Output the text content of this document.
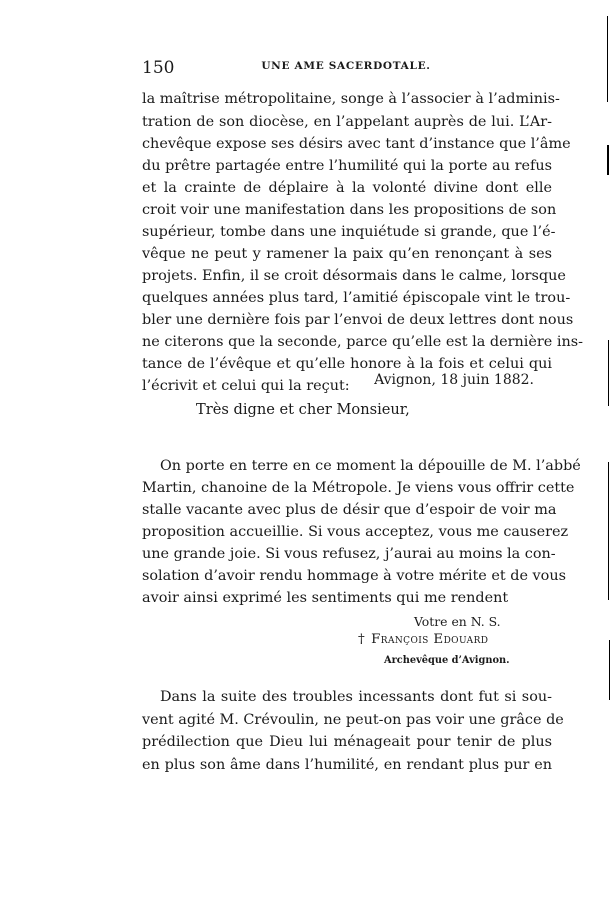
150	UNE AME SACERDOTALE.
la maîtrise métropolitaine, songe à l’associer à l’adminis-
tration de son diocèse, en l’appelant auprès de lui. L’Ar-
chevêque expose ses désirs avec tant d’instance que l’âme
du prêtre partagée entre l’humilité qui la porte au refus
et la crainte de déplaire à la volonté divine dont elle
croit voir une manifestation dans les propositions de son
supérieur, tombe dans une inquiétude si grande, que l’é-
vêque ne peut y ramener la paix qu’en renonçant à ses
projets. Enfin, il se croit désormais dans le calme, lorsque
quelques années plus tard, l’amitié épiscopale vint le trou-
bler une dernière fois par l’envoi de deux lettres dont nous
ne citerons que la seconde, parce qu’elle est la dernière ins-
tance de l’évêque et qu’elle honore à la fois et celui qui
l’écrivit et celui qui la reçut:	Avignon, 18 juin 1882.
Très digne et cher Monsieur,
On porte en terre en ce moment la dépouille de M. l’abbé
Martin, chanoine de la Métropole. Je viens vous offrir cette
stalle vacante avec plus de désir que d’espoir de voir ma
proposition accueillie. Si vous acceptez, vous me causerez
une grande joie. Si vous refusez, j’aurai au moins la con-
solation d’avoir rendu hommage à votre mérite et de vous
avoir ainsi exprimé les sentiments qui me rendent
Votre en N. S.
† François Edouard
Archevêque d’Avignon.
Dans la suite des troubles incessants dont fut si sou-
vent agité M. Crévoulin, ne peut-on pas voir une grâce de
prédilection que Dieu lui ménageait pour tenir de plus
en plus son âme dans l’humilité, en rendant plus pur en
